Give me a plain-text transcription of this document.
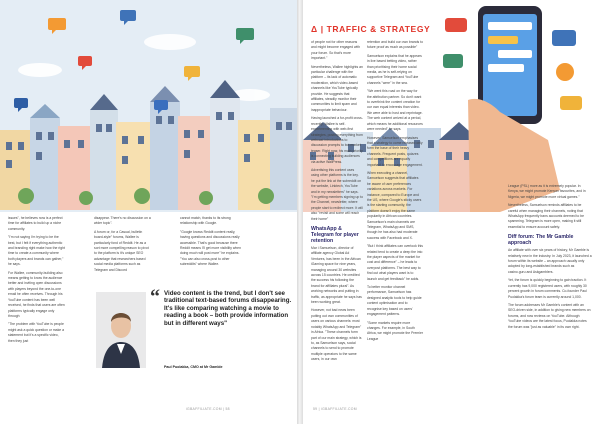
Δ | TRAFFIC & STRATEGY

of people not for other reasons and might become engaged with your forum. So that's more important."

Nevertheless, Wallee highlights an particular challenge with the platform – its lack of automatic moderation, which video-based channels like YouTube typically provide. He suggests that affiliates, steadily monitor their communities to limit spam and inappropriate behaviour.

Having launched a for-profit cross-recently, Wallee is self-experimenting with web-first strategies, posting everything from webcast introductions to discussion prompts to bot market teaser. Right now, his main priority is connecting building audiences via active WallPress.

Advertising this content uses using other platforms is the key. he put the link at the subreddit on the website, Linktech, YouTube and in my newsletters" he says. "I'm getting members signing up to the Channel, newsletter, where people start to redirect more. It will also "revisit and some will reach their home"

WhatsApp & Telegram for player retention

Mar i Samuelson, director of affiliate agency Global Ad Ventures, has been in the African iGaming space for nine years, managing around 30 websites across 15 countries. He credited the success his following the brand for affiliates plural". As working networks and putting in traffic, as appropriate he says has been working great.

However, not bad news been putting out own communities of users on various channels: most notably WhatsApp and Telegram" in Africa. "These channels form part of our main strategy, which is to, as Samuelson says, social channels to send to promote multiple operators to the same users, in our own

retention and build our own brands to future proof as much as possible"

Samuelson explains that he appears in live based betting video, rather than prioritising their home social media, as he is self-relying on supportive Telegram and YouTube channels "were" in the sea.

"We went this road on the way for the attribution partner. So don't want to overthink the content creation for our own equal interests than video. We were able to host and reprintage. The web content arrived at a period, which means he additional resources were needed" he says.

However, Samuelson emphasises that a strategy to come released only form the base of their heavy channels. Frequent posts, quizzes and competitions are equally important to encourage engagement.

When executing a channel, Samuelson suggests that affiliates be aware of user preferences variations across markets. For instance, compared to Europe and the US, where Google's sticky users is the starting community, the platform doesn't enjoy the same popularity in African countries. Samuelson's main channels are Telegram, WhatsApp and SMS, though he has also had moderate success with Facebook and X.

"But I think affiliates can overlook this related tend to create a deep the into the player aspects of the market for cost and difference" – he leads to overpost platforms. The best way to find out what players want is to launch and get feedback" he adds.

To better monitor channel performance, Samuelson has designed analytic tools to help guide content optimisation and to recognise key based on users' engagement patterns.

"Some markets require more changes. For example, in South Africa, we might promote the Premier League

League (PSL) more as it is extremely popular. In Kenya, we might promote Kenyan favourites, and in Nigeria, we might promote more virtual games."

Nevertheless, Samuelson reminds affiliates to be careful when managing their channels, noting that WhatsApp frequently bans accounts deemed to be spamming. Telegram is more open, making it still essential to ensure account safety.

Diff forum: The Mr Gamble approach

An affiliate with over six years of history, Mr Gamble is relatively new in the industry. In July 2023, it launched a forum within its website – an approach usually only adopted by long-established brands such as casino.guru and Askgamblers.

Yet, the forum is quickly beginning to gain traction. It currently has 9,000 registered users, with roughly 30 percent growth in forum comments. Co-founder Paul Puolakka's forum team is currently around 1,000.

The forum addresses Mr Gamble's content with an SEO-driven side, in addition to giving new members on forums, and now reviews on YouTube. Although YouTube videos are the latest focus, Puolakka notes the forum was "just as valuable" in its own right.

issues", he believes now is a perfect time for affiliates to build up a niche community.

"I'm not saying I'm trying to be the best, but I felt if everything authentic and branding right make how the right time to create a community where both players and brands can gather," he says.

For Wallee, community-building also means getting to know the audience better and inviting open discussions with players beyond the one-to-one email he often receives. Through his YouTube content has been well received, he finds that users are often platforms typically engage only through

"The problem with YouTube is people might ask a quick question or make a statement but it's a specific video, then they just

disappear. There's no discussion on a wider topic".

A forum or, for a Casual, bulletin board-style" forums, Wallee is particularly fond of Reddit. He as a sort more compelling reason to pivot to the platform is it's unique SEO advantage that researchers based social media platforms such as Telegram and Discord

cannot match, thanks to its strong relationship with Google.

"Google knows Reddit content really, having questions and discussions really accessible. That's good because there Reddit means I'll get more visibility when doing much will post more" he explains. "You can also cross-post to other subreddits" where Wallee.

“ Video content is the trend, but I don't see traditional text-based forums disappearing. It's like comparing watching a movie to reading a book – both provide information but in different ways"
Paul Puolakka, CMO at Mr Gamble
iGBAFFILIATE.COM | 58	59 | iGBAFFILIATE.COM
